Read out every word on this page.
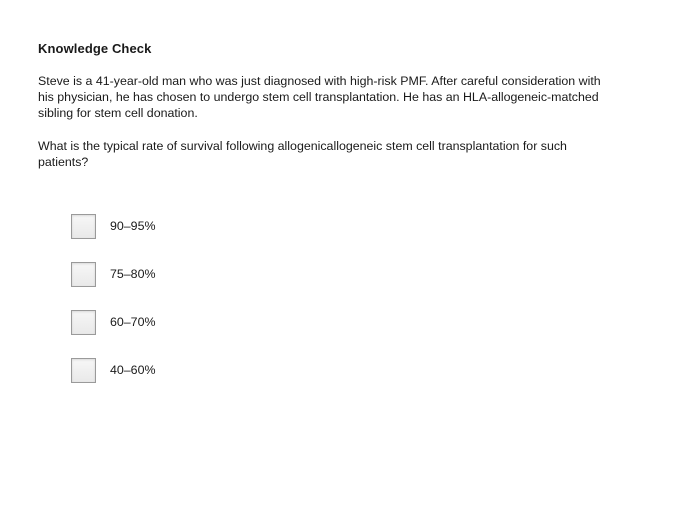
Knowledge Check

Steve is a 41-year-old man who was just diagnosed with high-risk PMF. After careful consideration with
his physician, he has chosen to undergo stem cell transplantation. He has an HLA-allogeneic-matched
sibling for stem cell donation.

What is the typical rate of survival following allogenicallogeneic stem cell transplantation for such
patients?

90–95%
75–80%
60–70%
40–60%
